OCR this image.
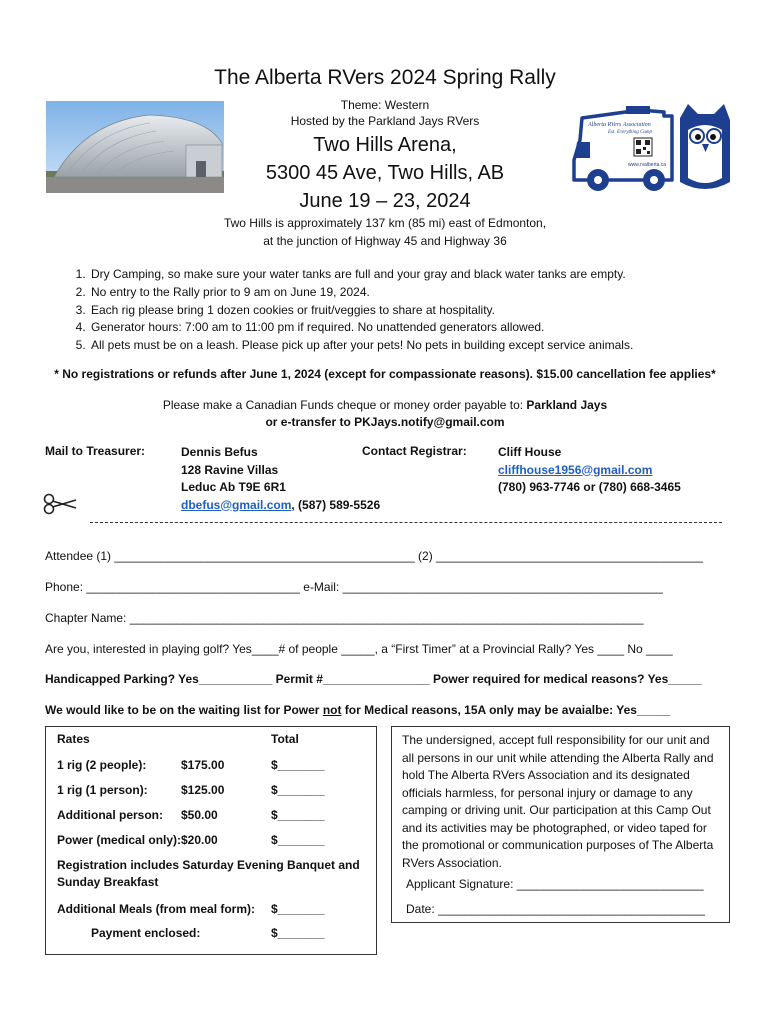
The Alberta RVers 2024 Spring Rally
Theme: Western
Hosted by the Parkland Jays RVers
Two Hills Arena,
5300 45 Ave, Two Hills, AB
June 19 – 23, 2024
Two Hills is approximately 137 km (85 mi) east of Edmonton,
at the junction of Highway 45 and Highway 36
Alberta RVers Association
Est. Everything Camp
www.rvalberta.ca
1. Dry Camping, so make sure your water tanks are full and your gray and black water tanks are empty.
2. No entry to the Rally prior to 9 am on June 19, 2024.
3. Each rig please bring 1 dozen cookies or fruit/veggies to share at hospitality.
4. Generator hours: 7:00 am to 11:00 pm if required. No unattended generators allowed.
5. All pets must be on a leash. Please pick up after your pets! No pets in building except service animals.
* No registrations or refunds after June 1, 2024 (except for compassionate reasons). $15.00 cancellation fee applies*
Please make a Canadian Funds cheque or money order payable to: Parkland Jays
or e-transfer to PKJays.notify@gmail.com
Mail to Treasurer:	Dennis Befus
128 Ravine Villas
Leduc Ab T9E 6R1
dbefus@gmail.com, (587) 589-5526
Contact Registrar:	Cliff House
cliffhouse1956@gmail.com
(780) 963-7746 or (780) 668-3465
Attendee (1) _____________________________________________ (2) ________________________________________
Phone: ________________________________ e-Mail: ________________________________________________
Chapter Name: _____________________________________________________________________________
Are you, interested in playing golf? Yes____# of people _____, a “First Timer” at a Provincial Rally? Yes ____ No ____
Handicapped Parking? Yes___________ Permit #________________ Power required for medical reasons? Yes_____
We would like to be on the waiting list for Power not for Medical reasons, 15A only may be avaialbe: Yes_____
Rates	Total
1 rig (2 people):	$175.00	$_______
1 rig (1 person):	$125.00	$_______
Additional person: $50.00	$_______
Power (medical only): $20.00	$_______
Registration includes Saturday Evening Banquet and
Sunday Breakfast
Additional Meals (from meal form): $_______
Payment enclosed:	$_______
The undersigned, accept full responsibility for our unit and all persons in our unit while attending the Alberta Rally and hold The Alberta RVers Association and its designated officials harmless, for personal injury or damage to any camping or driving unit. Our participation at this Camp Out and its activities may be photographed, or video taped for the promotional or communication purposes of The Alberta RVers Association.
Applicant Signature: ____________________________
Date: ________________________________________
